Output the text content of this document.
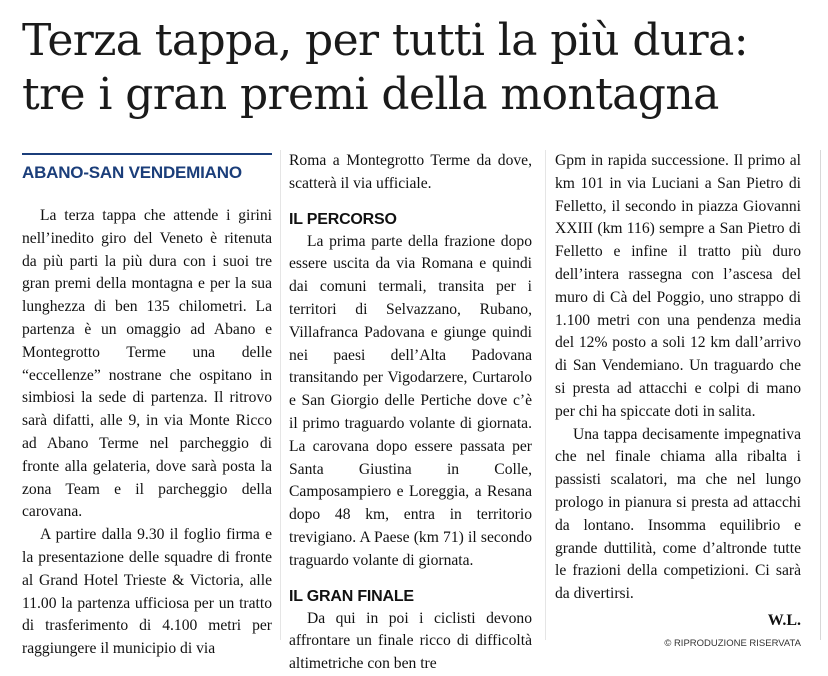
Terza tappa, per tutti la più dura:
tre i gran premi della montagna
ABANO-SAN VENDEMIANO

La terza tappa che attende i girini nell’inedito giro del Veneto è ritenuta da più parti la più dura con i suoi tre gran premi della montagna e per la sua lunghezza di ben 135 chilometri. La partenza è un omaggio ad Abano e Montegrotto Terme una delle “eccellenze” nostrane che ospitano in simbiosi la sede di partenza. Il ritrovo sarà difatti, alle 9, in via Monte Ricco ad Abano Terme nel parcheggio di fronte alla gelateria, dove sarà posta la zona Team e il parcheggio della carovana.

A partire dalla 9.30 il foglio firma e la presentazione delle squadre di fronte al Grand Hotel Trieste & Victoria, alle 11.00 la partenza ufficiosa per un tratto di trasferimento di 4.100 metri per raggiungere il municipio di via

Roma a Montegrotto Terme da dove, scatterà il via ufficiale.

IL PERCORSO

La prima parte della frazione dopo essere uscita da via Romana e quindi dai comuni termali, transita per i territori di Selvazzano, Rubano, Villafranca Padovana e giunge quindi nei paesi dell’Alta Padovana transitando per Vigodarzere, Curtarolo e San Giorgio delle Pertiche dove c’è il primo traguardo volante di giornata. La carovana dopo essere passata per Santa Giustina in Colle, Camposampiero e Loreggia, a Resana dopo 48 km, entra in territorio trevigiano. A Paese (km 71) il secondo traguardo volante di giornata.

IL GRAN FINALE

Da qui in poi i ciclisti devono affrontare un finale ricco di difficoltà altimetriche con ben tre

Gpm in rapida successione. Il primo al km 101 in via Luciani a San Pietro di Felletto, il secondo in piazza Giovanni XXIII (km 116) sempre a San Pietro di Felletto e infine il tratto più duro dell’intera rassegna con l’ascesa del muro di Cà del Poggio, uno strappo di 1.100 metri con una pendenza media del 12% posto a soli 12 km dall’arrivo di San Vendemiano. Un traguardo che si presta ad attacchi e colpi di mano per chi ha spiccate doti in salita.

Una tappa decisamente impegnativa che nel finale chiama alla ribalta i passisti scalatori, ma che nel lungo prologo in pianura si presta ad attacchi da lontano. Insomma equilibrio e grande duttilità, come d’altronde tutte le frazioni della competizioni. Ci sarà da divertirsi.

W.L.
© RIPRODUZIONE RISERVATA
